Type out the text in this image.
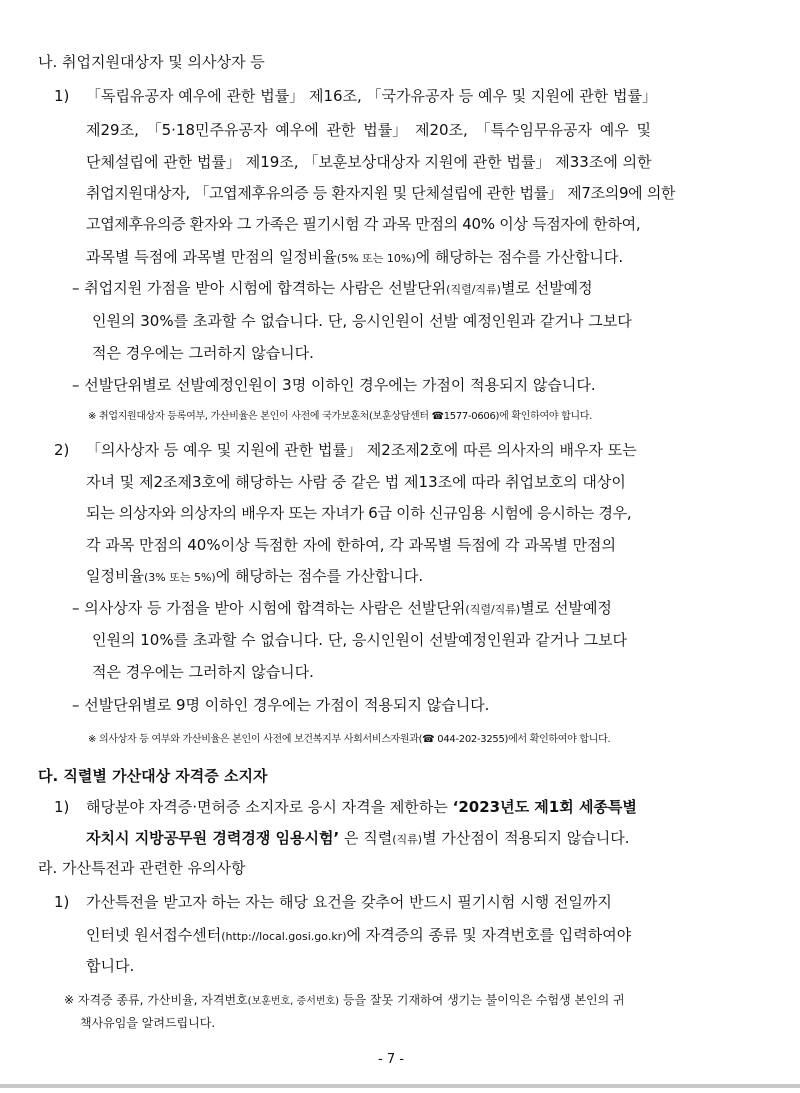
나. 취업지원대상자 및 의사상자 등
1) 「독립유공자 예우에 관한 법률」 제16조, 「국가유공자 등 예우 및 지원에 관한 법률」
제29조, 「5·18민주유공자 예우에 관한 법률」 제20조, 「특수임무유공자 예우 및
단체설립에 관한 법률」 제19조, 「보훈보상대상자 지원에 관한 법률」 제33조에 의한
취업지원대상자, 「고엽제후유의증 등 환자지원 및 단체설립에 관한 법률」 제7조의9에 의한
고엽제후유의증 환자와 그 가족은 필기시험 각 과목 만점의 40% 이상 득점자에 한하여,
과목별 득점에 과목별 만점의 일정비율(5% 또는 10%)에 해당하는 점수를 가산합니다.
– 취업지원 가점을 받아 시험에 합격하는 사람은 선발단위(직렬/직류)별로 선발예정
인원의 30%를 초과할 수 없습니다. 단, 응시인원이 선발 예정인원과 같거나 그보다
적은 경우에는 그러하지 않습니다.
– 선발단위별로 선발예정인원이 3명 이하인 경우에는 가점이 적용되지 않습니다.
※ 취업지원대상자 등록여부, 가산비율은 본인이 사전에 국가보훈처(보훈상담센터 ☎1577-0606)에 확인하여야 합니다.
2) 「의사상자 등 예우 및 지원에 관한 법률」 제2조제2호에 따른 의사자의 배우자 또는
자녀 및 제2조제3호에 해당하는 사람 중 같은 법 제13조에 따라 취업보호의 대상이
되는 의상자와 의상자의 배우자 또는 자녀가 6급 이하 신규임용 시험에 응시하는 경우,
각 과목 만점의 40%이상 득점한 자에 한하여, 각 과목별 득점에 각 과목별 만점의
일정비율(3% 또는 5%)에 해당하는 점수를 가산합니다.
– 의사상자 등 가점을 받아 시험에 합격하는 사람은 선발단위(직렬/직류)별로 선발예정
인원의 10%를 초과할 수 없습니다. 단, 응시인원이 선발예정인원과 같거나 그보다
적은 경우에는 그러하지 않습니다.
– 선발단위별로 9명 이하인 경우에는 가점이 적용되지 않습니다.
※ 의사상자 등 여부와 가산비율은 본인이 사전에 보건복지부 사회서비스자원과(☎ 044-202-3255)에서 확인하여야 합니다.
다. 직렬별 가산대상 자격증 소지자
1) 해당분야 자격증·면허증 소지자로 응시 자격을 제한하는 ‘2023년도 제1회 세종특별
자치시 지방공무원 경력경쟁 임용시험’ 은 직렬(직류)별 가산점이 적용되지 않습니다.
라. 가산특전과 관련한 유의사항
1) 가산특전을 받고자 하는 자는 해당 요건을 갖추어 반드시 필기시험 시행 전일까지
인터넷 원서접수센터(http://local.gosi.go.kr)에 자격증의 종류 및 자격번호를 입력하여야
합니다.
※ 자격증 종류, 가산비율, 자격번호(보훈번호, 증서번호) 등을 잘못 기재하여 생기는 불이익은 수험생 본인의 귀
책사유임을 알려드립니다.
- 7 -
